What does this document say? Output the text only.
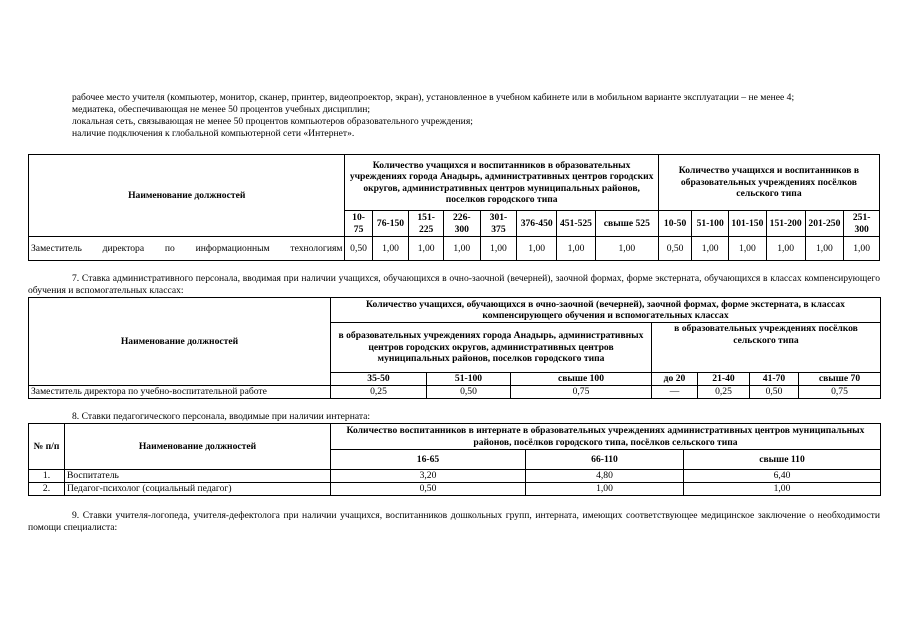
рабочее место учителя (компьютер, монитор, сканер, принтер, видеопроектор, экран), установленное в учебном кабинете или в мобильном варианте эксплуатации – не менее 4;

медиатека, обеспечивающая не менее 50 процентов учебных дисциплин;

локальная сеть, связывающая не менее 50 процентов компьютеров образовательного учреждения;

наличие подключения к глобальной компьютерной сети «Интернет».

Наименование должностей	Количество учащихся и воспитанников в образовательных учреждениях города Анадырь, административных центров городских округов, административных центров муниципальных районов, поселков городского типа								Количество учащихся и воспитанников в образовательных учреждениях посёлков сельского типа					
	10-75	76-150	151-225	226-300	301-375	376-450	451-525	свыше 525	10-50	51-100	101-150	151-200	201-250	251-300
Заместитель директора по информационным технологиям	0,50	1,00	1,00	1,00	1,00	1,00	1,00	1,00	0,50	1,00	1,00	1,00	1,00	1,00

7. Ставка административного персонала, вводимая при наличии учащихся, обучающихся в очно-заочной (вечерней), заочной формах, форме экстерната, обучающихся в классах компенсирующего обучения и вспомогательных классах:

Наименование должностей	Количество учащихся, обучающихся в очно-заочной (вечерней), заочной формах, форме экстерната, в классах компенсирующего обучения и вспомогательных классах						
	в образовательных учреждениях города Анадырь, административных центров городских округов, административных центров муниципальных районов, поселков городского типа			в образовательных учреждениях посёлков сельского типа			
	35-50	51-100	свыше 100	до 20	21-40	41-70	свыше 70
Заместитель директора по учебно-воспитательной работе	0,25	0,50	0,75	—	0,25	0,50	0,75

8. Ставки педагогического персонала, вводимые при наличии интерната:

№ п/п	Наименование должностей	Количество воспитанников в интернате в образовательных учреждениях административных центров муниципальных районов, посёлков городского типа, посёлков сельского типа		
		16-65	66-110	свыше 110
1.	Воспитатель	3,20	4,80	6,40
2.	Педагог-психолог (социальный педагог)	0,50	1,00	1,00

9. Ставки учителя-логопеда, учителя-дефектолога при наличии учащихся, воспитанников дошкольных групп, интерната, имеющих соответствующее медицинское заключение о необходимости помощи специалиста:
